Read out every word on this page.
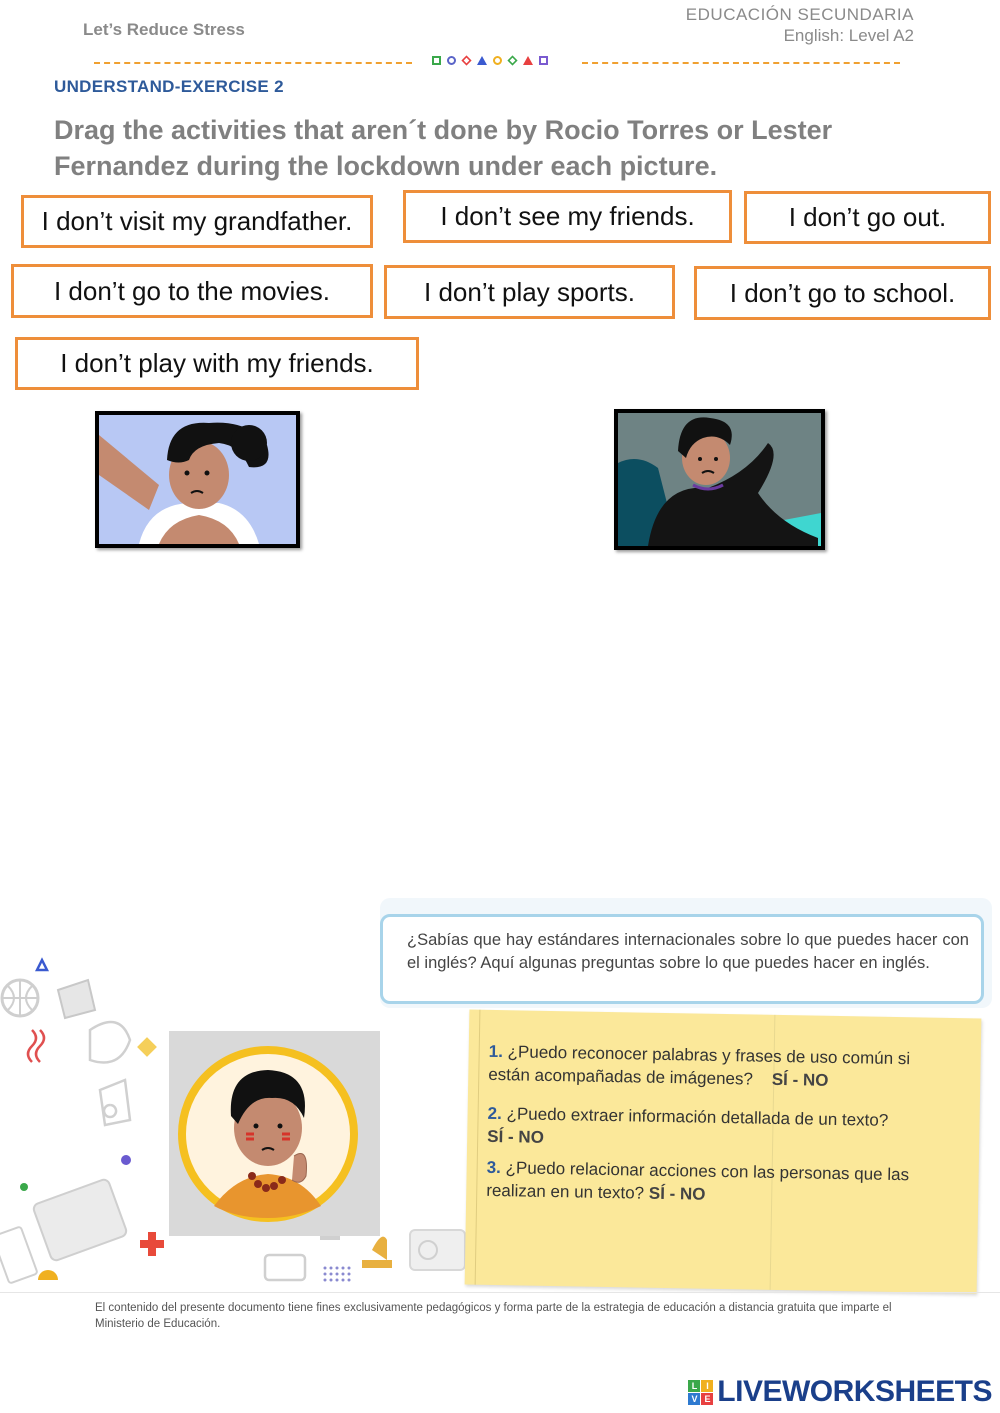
Let’s Reduce Stress
EDUCACIÓN SECUNDARIA
English: Level A2
UNDERSTAND-EXERCISE 2
Drag the activities that aren´t done by Rocio Torres or Lester Fernandez during the lockdown under each picture.
I don’t visit my grandfather.	I don’t see my friends.	I don’t go out.
I don’t go to the movies.	I don’t play sports.	I don’t go to school.
I don’t play with my friends.
¿Sabías que hay estándares internacionales sobre lo que puedes hacer con el inglés? Aquí algunas preguntas sobre lo que puedes hacer en inglés.
1. ¿Puedo reconocer palabras y frases de uso común si están acompañadas de imágenes? SÍ - NO
2. ¿Puedo extraer información detallada de un texto?
SÍ - NO
3. ¿Puedo relacionar acciones con las personas que las realizan en un texto? SÍ - NO
El contenido del presente documento tiene fines exclusivamente pedagógicos y forma parte de la estrategia de educación a distancia gratuita que imparte el Ministerio de Educación.
L	I
V E LIVEWORKSHEETS
